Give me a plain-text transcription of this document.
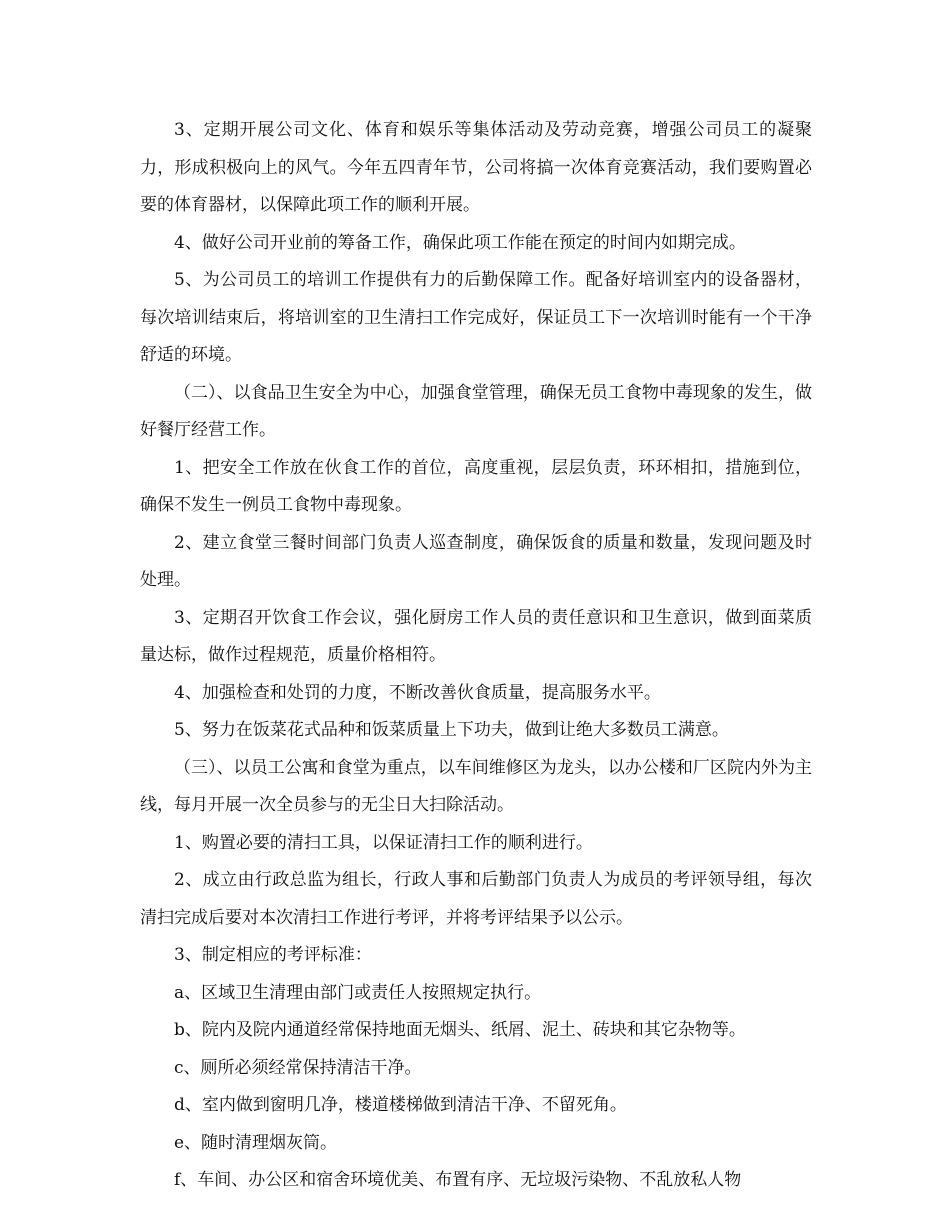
3、定期开展公司文化、体育和娱乐等集体活动及劳动竞赛，增强公司员工的凝聚力，形成积极向上的风气。今年五四青年节，公司将搞一次体育竞赛活动，我们要购置必要的体育器材，以保障此项工作的顺利开展。

4、做好公司开业前的筹备工作，确保此项工作能在预定的时间内如期完成。

5、为公司员工的培训工作提供有力的后勤保障工作。配备好培训室内的设备器材，每次培训结束后，将培训室的卫生清扫工作完成好，保证员工下一次培训时能有一个干净舒适的环境。

（二）、以食品卫生安全为中心，加强食堂管理，确保无员工食物中毒现象的发生，做好餐厅经营工作。

1、把安全工作放在伙食工作的首位，高度重视，层层负责，环环相扣，措施到位，确保不发生一例员工食物中毒现象。

2、建立食堂三餐时间部门负责人巡查制度，确保饭食的质量和数量，发现问题及时处理。

3、定期召开饮食工作会议，强化厨房工作人员的责任意识和卫生意识，做到面菜质量达标，做作过程规范，质量价格相符。

4、加强检查和处罚的力度，不断改善伙食质量，提高服务水平。

5、努力在饭菜花式品种和饭菜质量上下功夫，做到让绝大多数员工满意。

（三）、以员工公寓和食堂为重点，以车间维修区为龙头，以办公楼和厂区院内外为主线，每月开展一次全员参与的无尘日大扫除活动。

1、购置必要的清扫工具，以保证清扫工作的顺利进行。

2、成立由行政总监为组长，行政人事和后勤部门负责人为成员的考评领导组，每次清扫完成后要对本次清扫工作进行考评，并将考评结果予以公示。

3、制定相应的考评标准：

a、区域卫生清理由部门或责任人按照规定执行。

b、院内及院内通道经常保持地面无烟头、纸屑、泥土、砖块和其它杂物等。

c、厕所必须经常保持清洁干净。

d、室内做到窗明几净，楼道楼梯做到清洁干净、不留死角。

e、随时清理烟灰筒。

f、车间、办公区和宿舍环境优美、布置有序、无垃圾污染物、不乱放私人物
